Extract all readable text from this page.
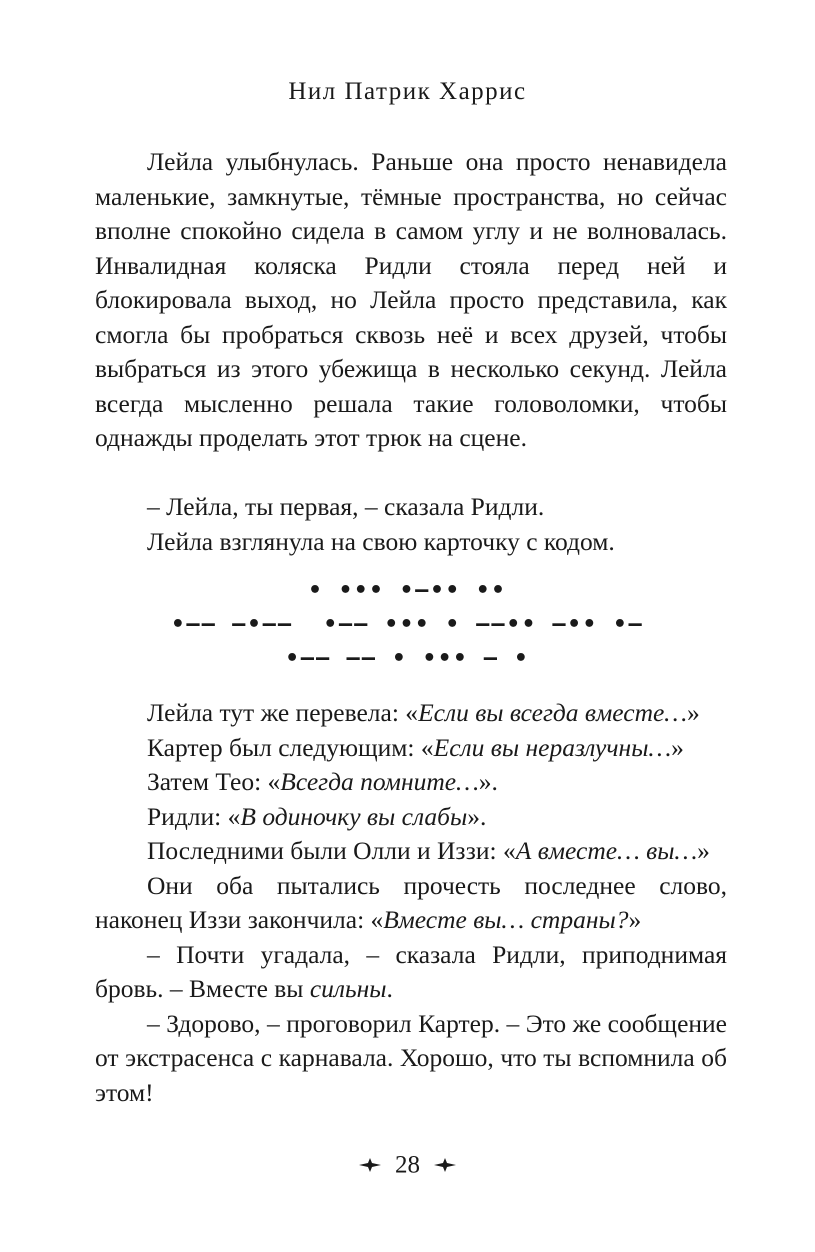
Нил Патрик Харрис

Лейла улыбнулась. Раньше она просто ненавидела маленькие, замкнутые, тёмные пространства, но сейчас вполне спокойно сидела в самом углу и не волновалась. Инвалидная коляска Ридли стояла перед ней и блокировала выход, но Лейла просто представила, как смогла бы пробраться сквозь неё и всех друзей, чтобы выбраться из этого убежища в несколько секунд. Лейла всегда мысленно решала такие головоломки, чтобы однажды проделать этот трюк на сцене.

– Лейла, ты первая, – сказала Ридли.

Лейла взглянула на свою карточку с кодом.

• ••• •–•• ••
•–– –•––  •–– ••• • ––•• –•• •–
•–– –– • ••• – •

Лейла тут же перевела: «Если вы всегда вместе…»

Картер был следующим: «Если вы неразлучны…»

Затем Тео: «Всегда помните…».

Ридли: «В одиночку вы слабы».

Последними были Олли и Иззи: «А вместе… вы…»

Они оба пытались прочесть последнее слово, наконец Иззи закончила: «Вместе вы… страны?»

– Почти угадала, – сказала Ридли, приподнимая бровь. – Вместе вы сильны.

– Здорово, – проговорил Картер. – Это же сообщение от экстрасенса с карнавала. Хорошо, что ты вспомнила об этом!

28
